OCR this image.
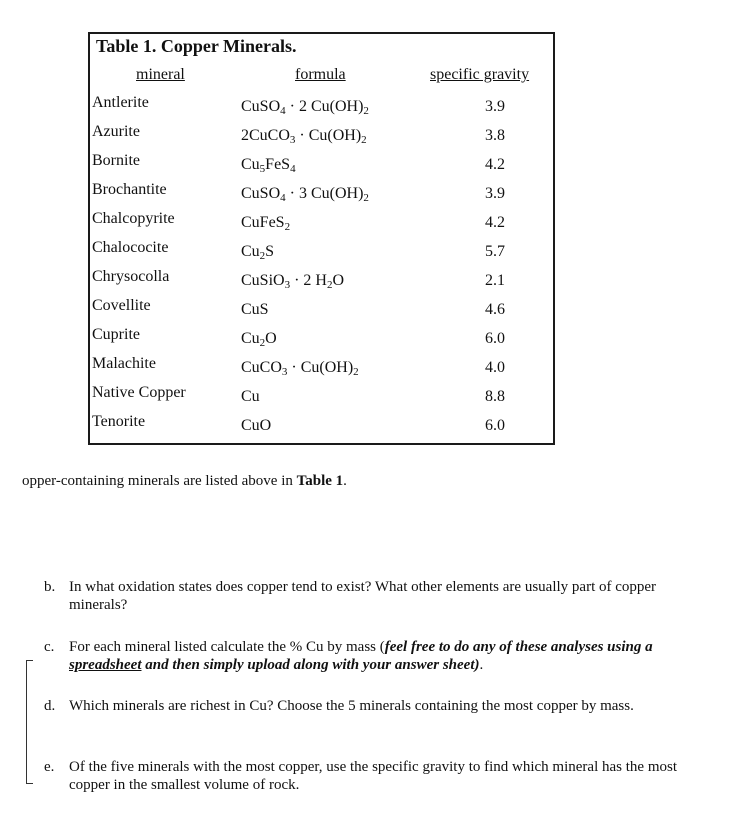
Table 1. Copper Minerals.
mineral	formula	specific gravity
Antlerite	CuSO$_4$ · 2 $Cu(OH)_2$	3.9
Azurite	2CuCO$_3$ · $Cu(OH)_2$	3.8
Bornite	$Cu_5FeS_4$	4.2
Brochantite	CuSO$_4$ · 3 $Cu(OH)_2$	3.9
Chalcopyrite	CuFeS$_2$	4.2
Chalococite	$Cu_2S$	5.7
Chrysocolla	CuSiO$_3$ · 2 $H_2O$	2.1
Covellite	CuS	4.6
Cuprite	$Cu_2O$	6.0
Malachite	CuCO$_3$ · $Cu(OH)_2$	4.0
Native Copper	Cu	8.8
Tenorite	CuO	6.0
opper-containing minerals are listed above in Table 1.
b. In what oxidation states does copper tend to exist? What other elements are usually part of copper minerals?
c. For each mineral listed calculate the % Cu by mass (feel free to do any of these analyses using a spreadsheet and then simply upload along with your answer sheet).
d. Which minerals are richest in Cu? Choose the 5 minerals containing the most copper by mass.
e. Of the five minerals with the most copper, use the specific gravity to find which mineral has the most copper in the smallest volume of rock.
